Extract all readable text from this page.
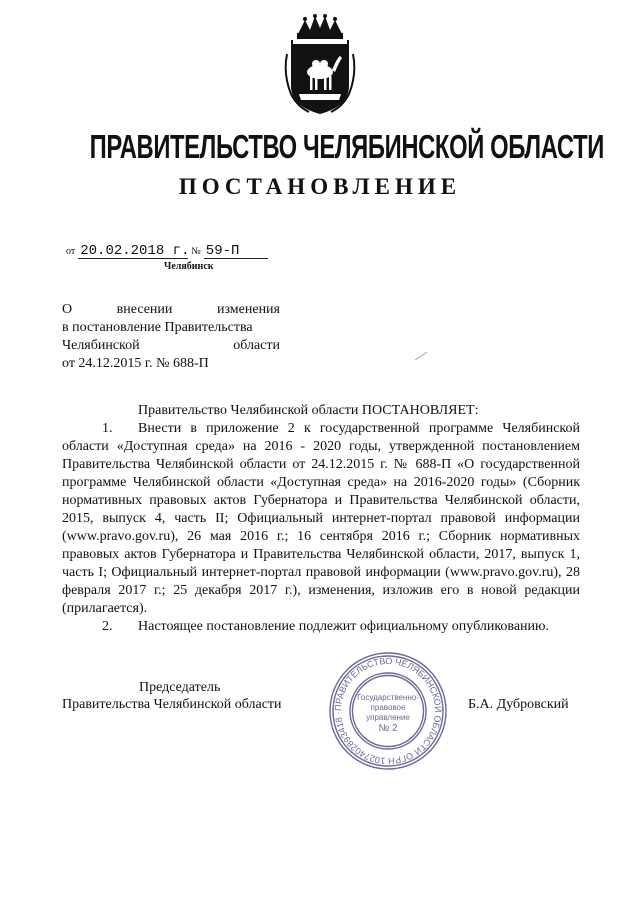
ПРАВИТЕЛЬСТВО ЧЕЛЯБИНСКОЙ ОБЛАСТИ
ПОСТАНОВЛЕНИЕ
от 20.02.2018 г. № 59-П
Челябинск
О внесении изменения
в постановление Правительства
Челябинской области
от 24.12.2015 г. № 688-П

Правительство Челябинской области ПОСТАНОВЛЯЕТ:

1. Внести в приложение 2 к государственной программе Челябинской области «Доступная среда» на 2016 - 2020 годы, утвержденной постановлением Правительства Челябинской области от 24.12.2015 г. № 688-П «О государственной программе Челябинской области «Доступная среда» на 2016-2020 годы» (Сборник нормативных правовых актов Губернатора и Правительства Челябинской области, 2015, выпуск 4, часть II; Официальный интернет-портал правовой информации (www.pravo.gov.ru), 26 мая 2016 г.; 16 сентября 2016 г.; Сборник нормативных правовых актов Губернатора и Правительства Челябинской области, 2017, выпуск 1, часть I; Официальный интернет-портал правовой информации (www.pravo.gov.ru), 28 февраля 2017 г.; 25 декабря 2017 г.), изменения, изложив его в новой редакции (прилагается).

2. Настоящее постановление подлежит официальному опубликованию.

Председатель
Правительства Челябинской области	Б.А. Дубровский
ПРАВИТЕЛЬСТВО ЧЕЛЯБИНСКОЙ ОБЛАСТИ ОГРН 1027402893418 ·
Государственно-
правовое
управление
№ 2
